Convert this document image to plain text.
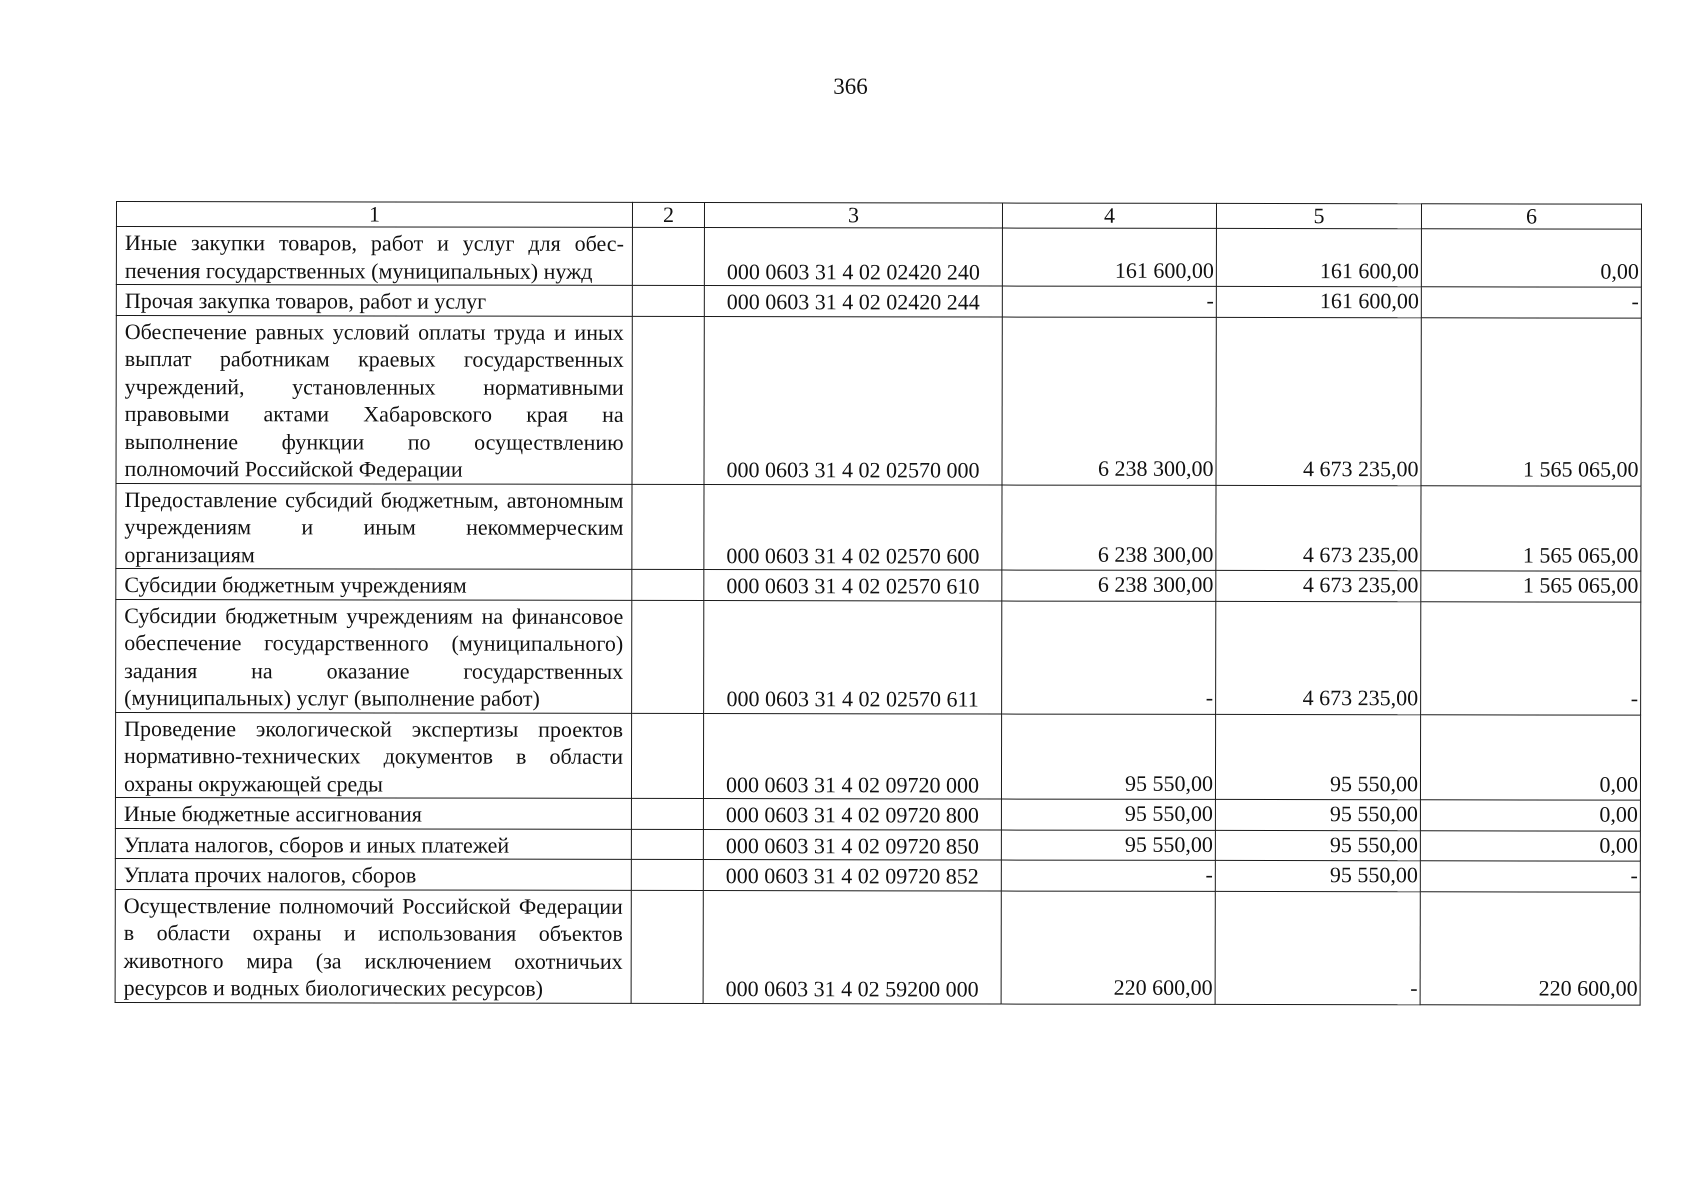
366
1	2	3	4	5	6
Иные закупки товаров, работ и услуг для обеспечения государственных (муниципальных) нужд		000 0603 31 4 02 02420 240	161 600,00	161 600,00	0,00
Прочая закупка товаров, работ и услуг		000 0603 31 4 02 02420 244	-	161 600,00	-
Обеспечение равных условий оплаты труда и иных выплат работникам краевых государственных учреждений, установленных нормативными правовыми актами Хабаровского края на выполнение функции по осуществлению полномочий Российской Федерации		000 0603 31 4 02 02570 000	6 238 300,00	4 673 235,00	1 565 065,00
Предоставление субсидий бюджетным, автономным учреждениям и иным некоммерческим организациям		000 0603 31 4 02 02570 600	6 238 300,00	4 673 235,00	1 565 065,00
Субсидии бюджетным учреждениям		000 0603 31 4 02 02570 610	6 238 300,00	4 673 235,00	1 565 065,00
Субсидии бюджетным учреждениям на финансовое обеспечение государственного (муниципального) задания на оказание государственных (муниципальных) услуг (выполнение работ)		000 0603 31 4 02 02570 611	-	4 673 235,00	-
Проведение экологической экспертизы проектов нормативно-технических документов в области охраны окружающей среды		000 0603 31 4 02 09720 000	95 550,00	95 550,00	0,00
Иные бюджетные ассигнования		000 0603 31 4 02 09720 800	95 550,00	95 550,00	0,00
Уплата налогов, сборов и иных платежей		000 0603 31 4 02 09720 850	95 550,00	95 550,00	0,00
Уплата прочих налогов, сборов		000 0603 31 4 02 09720 852	-	95 550,00	-
Осуществление полномочий Российской Федерации в области охраны и использования объектов животного мира (за исключением охотничьих ресурсов и водных биологических ресурсов)		000 0603 31 4 02 59200 000	220 600,00	-	220 600,00
